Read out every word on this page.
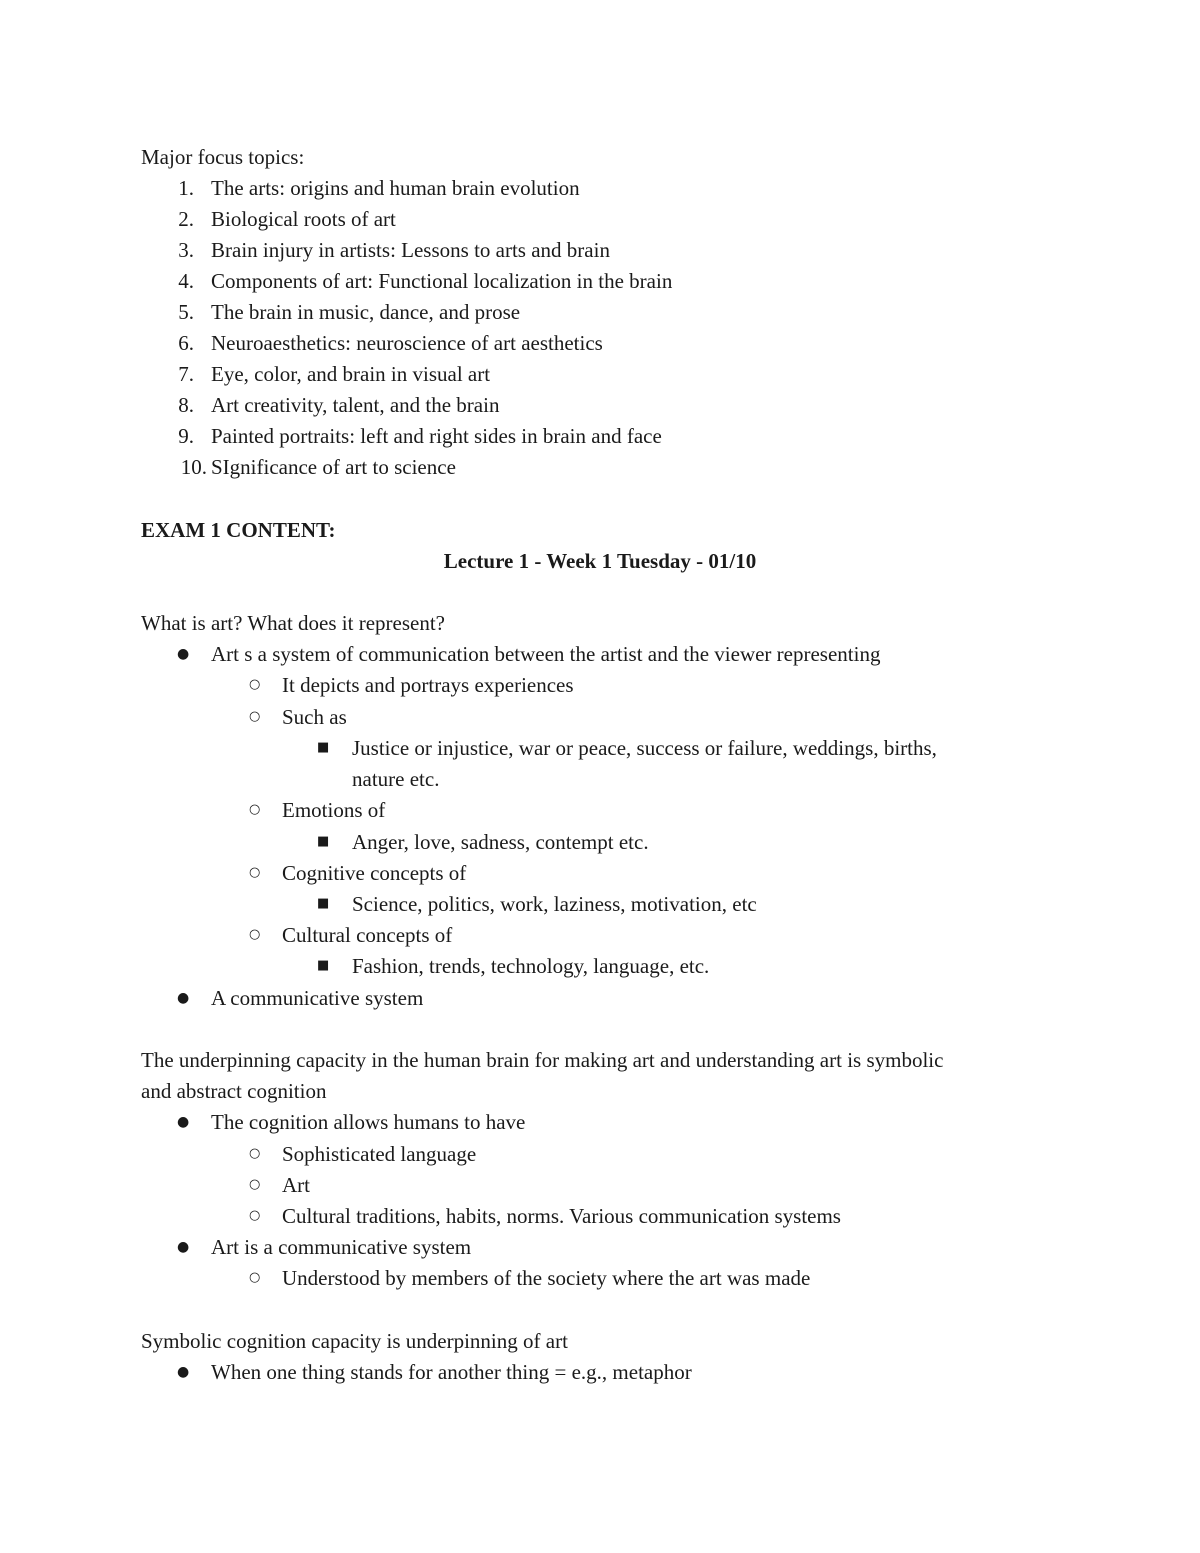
Major focus topics:
1. The arts: origins and human brain evolution
2. Biological roots of art
3. Brain injury in artists: Lessons to arts and brain
4. Components of art: Functional localization in the brain
5. The brain in music, dance, and prose
6. Neuroaesthetics: neuroscience of art aesthetics
7. Eye, color, and brain in visual art
8. Art creativity, talent, and the brain
9. Painted portraits: left and right sides in brain and face
10. SIgnificance of art to science
EXAM 1 CONTENT:
Lecture 1 - Week 1 Tuesday - 01/10
What is art? What does it represent?
● Art s a system of communication between the artist and the viewer representing
○ It depicts and portrays experiences
○ Such as
■ Justice or injustice, war or peace, success or failure, weddings, births,
nature etc.
○ Emotions of
■ Anger, love, sadness, contempt etc.
○ Cognitive concepts of
■ Science, politics, work, laziness, motivation, etc
○ Cultural concepts of
■ Fashion, trends, technology, language, etc.
● A communicative system
The underpinning capacity in the human brain for making art and understanding art is symbolic
and abstract cognition
● The cognition allows humans to have
○ Sophisticated language
○ Art
○ Cultural traditions, habits, norms. Various communication systems
● Art is a communicative system
○ Understood by members of the society where the art was made
Symbolic cognition capacity is underpinning of art
● When one thing stands for another thing = e.g., metaphor
